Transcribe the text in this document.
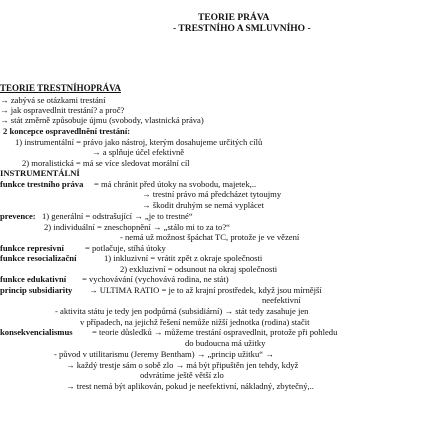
TEORIE PRÁVA
- TRESTNÍHO A SMLUVNÍHO -
TEORIE TRESTNÍHOPRÁVA
→ zabývá se otázkami trestání
→ jak ospravedlnit trestání? a proč?
→ stát změrně způsobuje újmu (svobody, vlastnická práva)
2 koncepce ospravedlnění trestání:
1) instrumentální = právo jako nástroj, kterým dosahujeme určitých cílů
→ a splňuje účel efektivně
2) moralistická = má se více sledovat morální cíl
INSTRUMENTÁLNÍ
funkce trestního práva = má chránit před útoky na svobodu, majetek,..
→ trestní právo má předcházet tytoujmy
→ škodit druhým se nemá vyplácet
prevence: 1) generální = odstrašující → „je to trestné“
2) individuální = zneschopnění → „stálo mi to za to?“
- nemá už možnost špáchat TC, protože je ve vězení
funkce represivní = potlačuje, stíhá útoky
funkce resocializační	1) inkluzivní = vrátit zpět z okraje společnosti
2) exkluzivní = odsunout na okraj společnosti
funkce edukativní = vychovávání (vychovává rodina, ne stát)
princip subsidiarity → ULTIMA RATIO = je to až krajní prostředek, když jsou mírnější
neefektivní
- aktivita státu je tedy jen podpůrná (subsidiární) → stát tedy zasahuje jen
v případech, na jejichž řešení nemůže nižší jednotka (rodina) stačit
konsekvencialismus = teorie důsledků → můžeme trestání ospravedlnit, protože při pohledu
do budoucna má užitky
- původ v utilitarismu (Jeremy Bentham) → „princip užitku“ →
→ každý trestje sám o sobě zlo → má být připuštěn jen tehdy, když
odvrátíme ještě větší zlo
→ trest nemá být aplikován, pokud je neefektivní, nákladný, zbytečný,..
